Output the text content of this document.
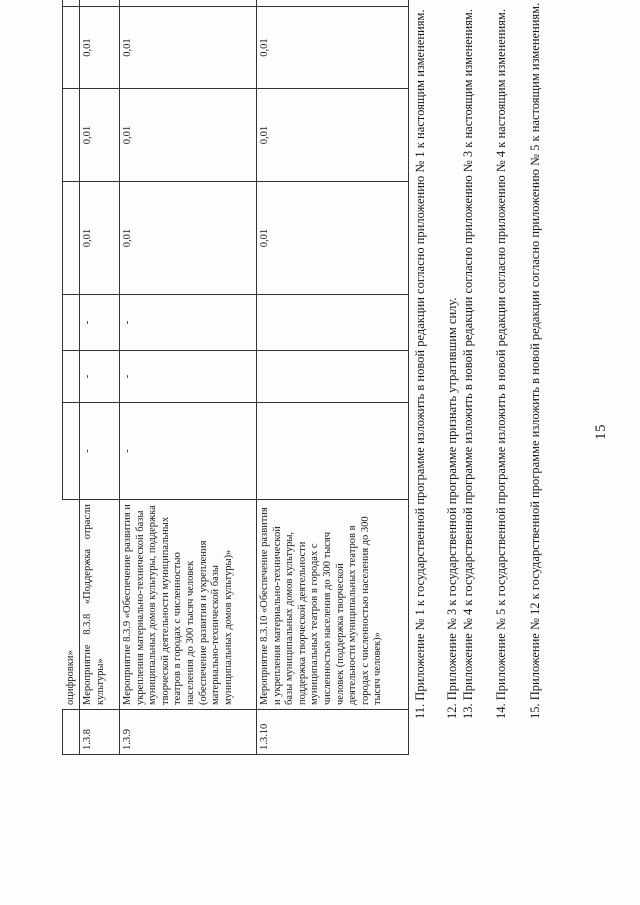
15
	оцифровки»							
1.3.8	Мероприятие 8.3.8 «Поддержка отрасли культуры»	-	-	-	0,01	0,01	0,01	
1.3.9	Мероприятие 8.3.9 «Обеспечение развития и укрепления материально-технической базы муниципальных домов культуры, поддержка творческой деятельности муниципальных театров в городах с численностью населения до 300 тысяч человек (обеспечение развития и укрепления материально-технической базы муниципальных домов культуры)»	-	-	-	0,01	0,01	0,01	
1.3.10	Мероприятие 8.3.10 «Обеспечение развития и укрепления материально-технической базы муниципальных домов культуры, поддержка творческой деятельности муниципальных театров в городах с численностью населения до 300 тысяч человек (поддержка творческой деятельности муниципальных театров в городах с численностью населения до 300 тысяч человек)»				0,01	0,01	0,01		11. Приложение № 1 к государственной программе изложить в новой редакции согласно приложению № 1 к настоящим изменениям. 12. Приложение № 3 к государственной программе признать утратившим силу. 13. Приложение № 4 к государственной программе изложить в новой редакции согласно приложению № 3 к настоящим изменениям. 14. Приложение № 5 к государственной программе изложить в новой редакции согласно приложению № 4 к настоящим изменениям. 15. Приложение № 12 к государственной программе изложить в новой редакции согласно приложению № 5 к настоящим изменениям.
